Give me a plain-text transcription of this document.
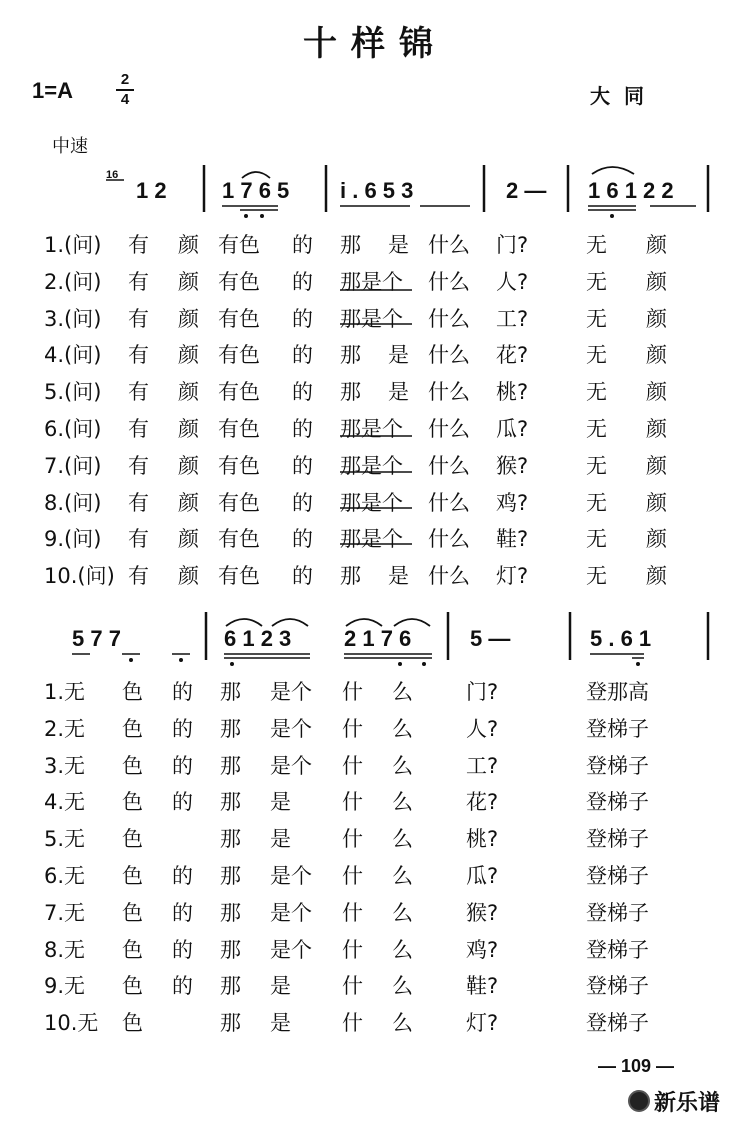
十样锦
1=A	2
4	大同
中速
16
1 2	1 7 6 5 i . 6 5 3	2 — 1 6 1 2 2
5 7 7	6 1 2 3 2 1 7 6	5 —	5 . 6 1
1.(问) 有 颜 有色 的 那 是 什么 门?	无 颜
2.(问) 有 颜 有色 的 那是个 什么 人?	无 颜
3.(问) 有 颜 有色 的 那是个 什么 工?	无 颜
4.(问) 有 颜 有色 的 那 是 什么 花?	无 颜
5.(问) 有 颜 有色 的 那 是 什么 桃?	无 颜
6.(问) 有 颜 有色 的 那是个 什么 瓜?	无 颜
7.(问) 有 颜 有色 的 那是个 什么 猴?	无 颜
8.(问) 有 颜 有色 的 那是个 什么 鸡?	无 颜
9.(问) 有 颜 有色 的 那是个 什么 鞋?	无 颜
10.(问) 有 颜 有色 的 那 是 什么 灯?	无 颜
1.无 色 的 那 是个 什 么	门?	登那高
2.无 色 的 那 是个 什 么	人?	登梯子
3.无 色 的 那 是个 什 么	工?	登梯子
4.无 色 的 那 是 什 么	花?	登梯子
5.无 色	那 是 什 么	桃?	登梯子
6.无 色 的 那 是个 什 么	瓜?	登梯子
7.无 色 的 那 是个 什 么	猴?	登梯子
8.无 色 的 那 是个 什 么	鸡?	登梯子
9.无 色 的 那 是 什 么	鞋?	登梯子
10.无 色	那 是 什 么	灯?	登梯子
— 109 —
新乐谱
